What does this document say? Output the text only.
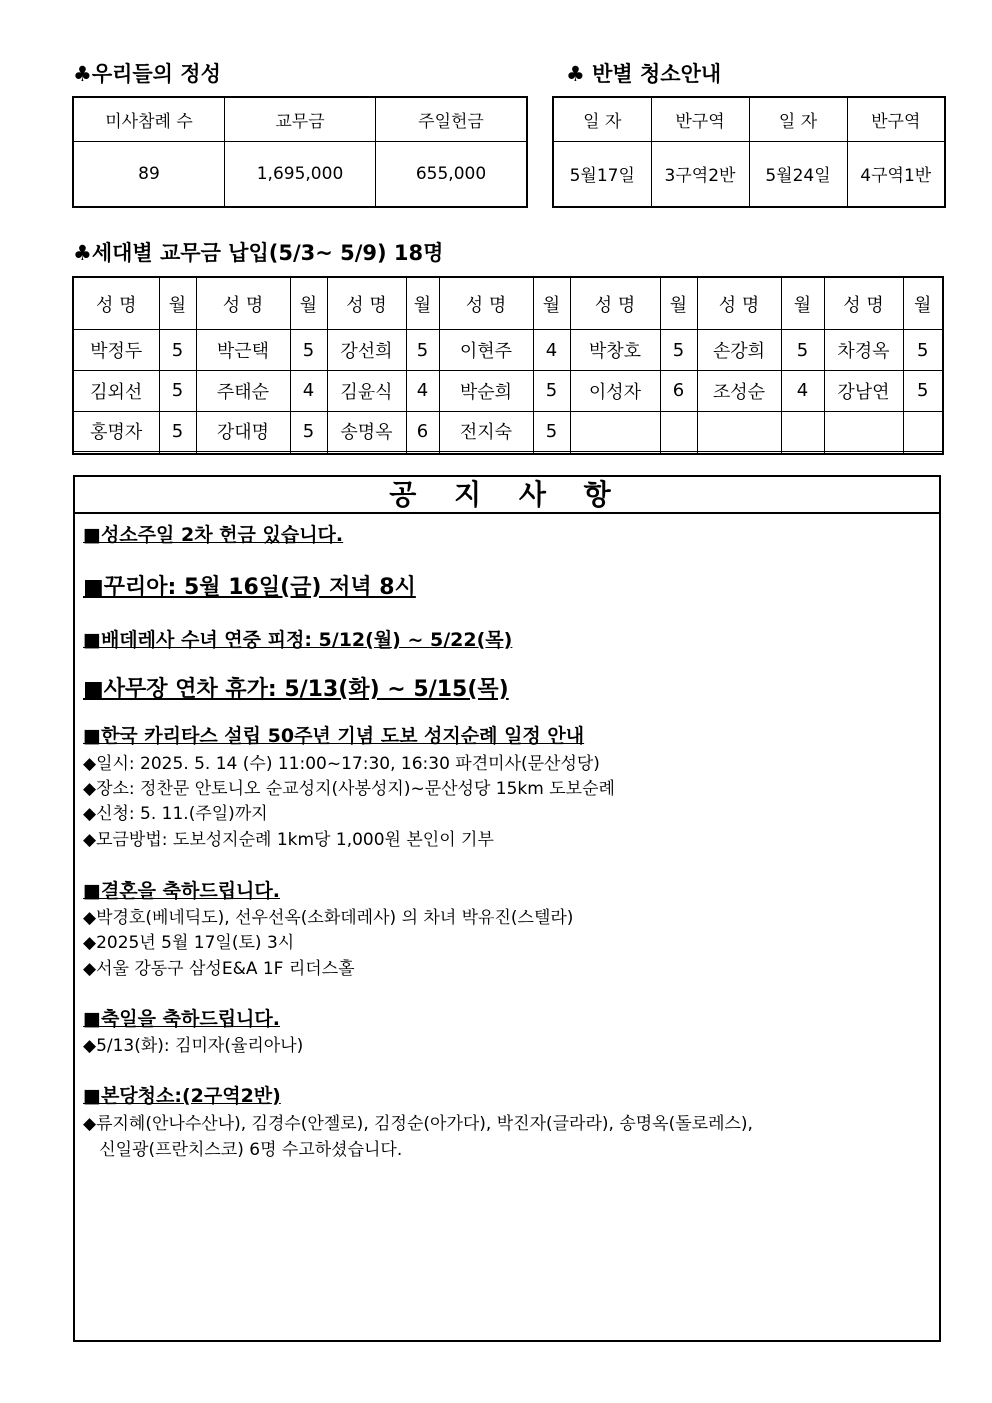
♣우리들의 정성
미사참례 수	교무금	주일헌금
89	1,695,000	655,000
♣ 반별 청소안내
일 자	반구역	일 자	반구역
5월17일	3구역2반	5월24일	4구역1반
♣세대별 교무금 납입(5/3~ 5/9) 18명
성 명	월	성 명	월	성 명	월	성 명	월	성 명	월	성 명	월	성 명	월
박정두	5	박근택	5	강선희	5	이현주	4	박창호	5	손강희	5	차경옥	5
김외선	5	주태순	4	김윤식	4	박순희	5	이성자	6	조성순	4	강남연	5
홍명자	5	강대명	5	송명옥	6	전지숙	5						

공 지 사 항
■성소주일 2차 헌금 있습니다.
■꾸리아: 5월 16일(금) 저녁 8시
■배데레사 수녀 연중 피정: 5/12(월) ~ 5/22(목)
■사무장 연차 휴가: 5/13(화) ~ 5/15(목)
■한국 카리타스 설립 50주년 기념 도보 성지순례 일정 안내
◆일시: 2025. 5. 14 (수) 11:00~17:30, 16:30 파견미사(문산성당)
◆장소: 정찬문 안토니오 순교성지(사봉성지)~문산성당 15km 도보순례
◆신청: 5. 11.(주일)까지
◆모금방법: 도보성지순례 1km당 1,000원 본인이 기부
■결혼을 축하드립니다.
◆박경호(베네딕도), 선우선옥(소화데레사) 의 차녀 박유진(스텔라)
◆2025년 5월 17일(토) 3시
◆서울 강동구 삼성E&A 1F 리더스홀
■축일을 축하드립니다.
◆5/13(화): 김미자(율리아나)
■본당청소:(2구역2반)
◆류지혜(안나수산나), 김경수(안젤로), 김정순(아가다), 박진자(글라라), 송명옥(돌로레스),
신일광(프란치스코) 6명 수고하셨습니다.
